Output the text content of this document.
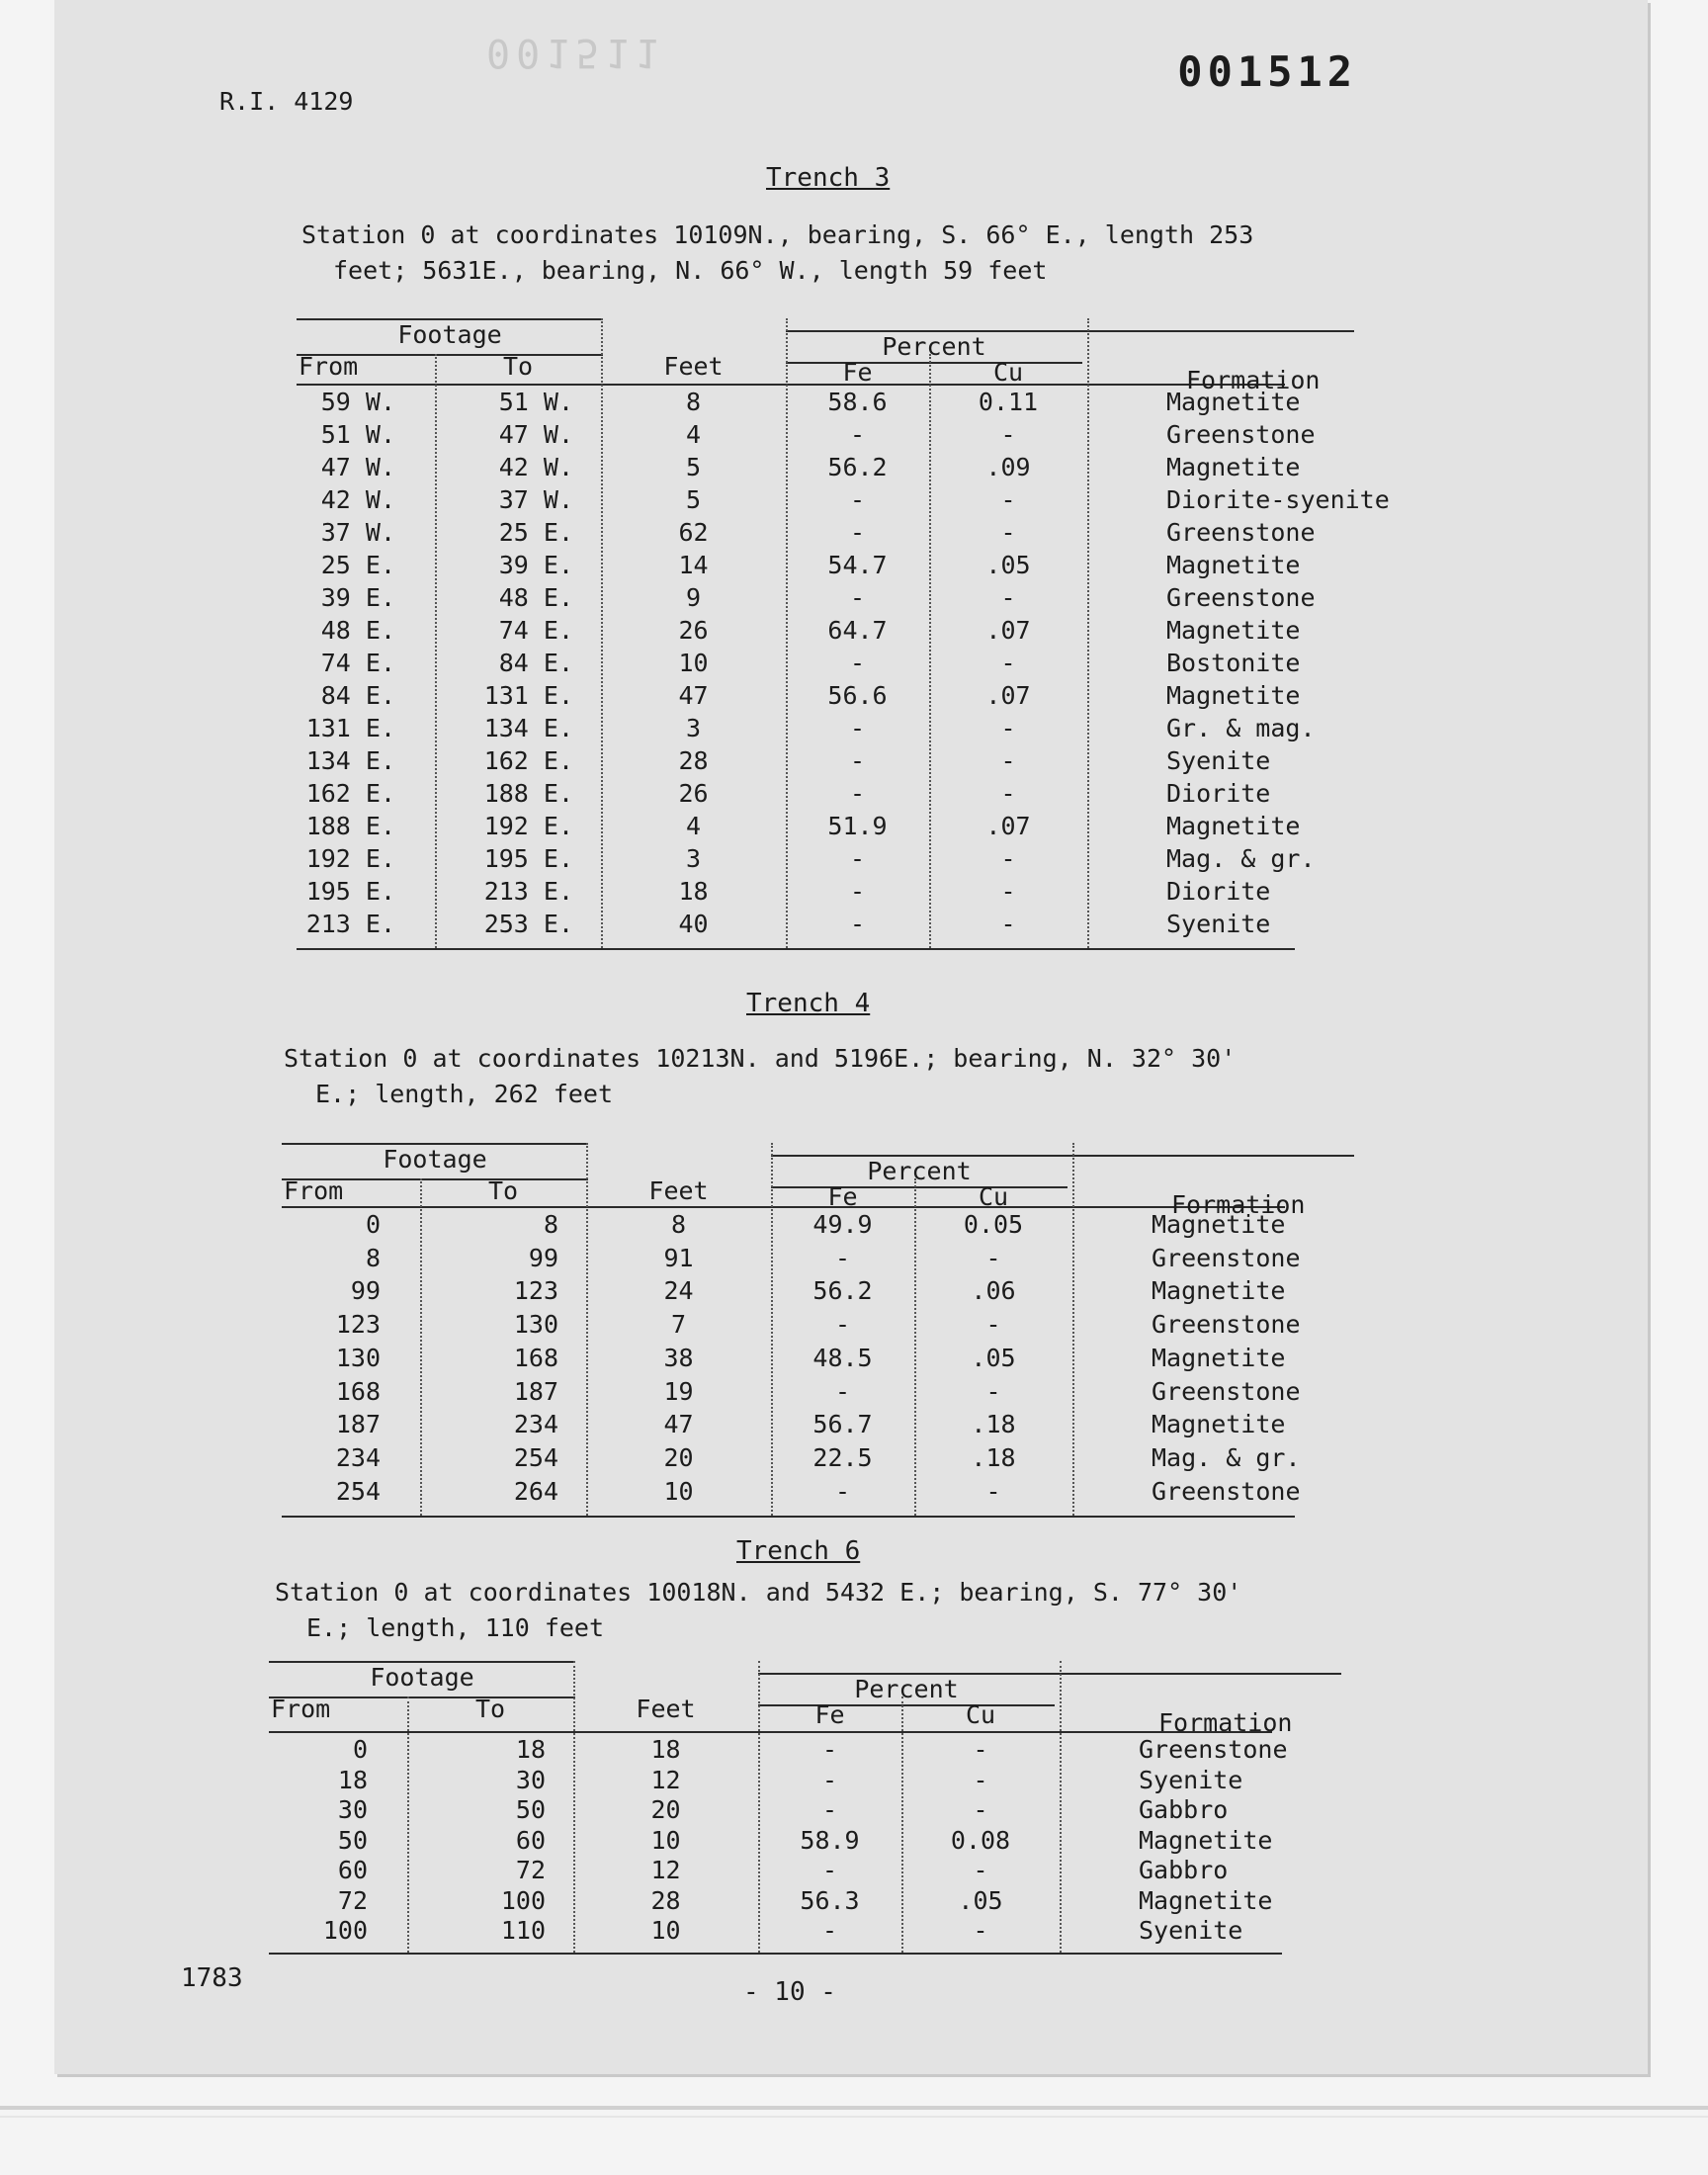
001511
R.I. 4129
001512
Trench 3
Station 0 at coordinates 10109N., bearing, S. 66° E., length 253
feet; 5631E., bearing, N. 66° W., length 59 feet
Footage
From	To	Feet
Percent
Fe	Cu	Formation
59 W.	51 W.	8	58.6	0.11	Magnetite
51 W.	47 W.	4	-	-	Greenstone
47 W.	42 W.	5	56.2	.09	Magnetite
42 W.	37 W.	5	-	-	Diorite-syenite
37 W.	25 E.	62	-	-	Greenstone
25 E.	39 E.	14	54.7	.05	Magnetite
39 E.	48 E.	9	-	-	Greenstone
48 E.	74 E.	26	64.7	.07	Magnetite
74 E.	84 E.	10	-	-	Bostonite
84 E.	131 E.	47	56.6	.07	Magnetite
131 E.	134 E.	3	-	-	Gr. & mag.
134 E.	162 E.	28	-	-	Syenite
162 E.	188 E.	26	-	-	Diorite
188 E.	192 E.	4	51.9	.07	Magnetite
192 E.	195 E.	3	-	-	Mag. & gr.
195 E.	213 E.	18	-	-	Diorite
213 E.	253 E.	40	-	-	Syenite
Trench 4
Station 0 at coordinates 10213N. and 5196E.; bearing, N. 32° 30'
E.; length, 262 feet
Footage
From	To	Feet
Percent
Fe	Cu	Formation
0	8	8	49.9	0.05	Magnetite
8	99	91	-	-	Greenstone
99	123	24	56.2	.06	Magnetite
123	130	7	-	-	Greenstone
130	168	38	48.5	.05	Magnetite
168	187	19	-	-	Greenstone
187	234	47	56.7	.18	Magnetite
234	254	20	22.5	.18	Mag. & gr.
254	264	10	-	-	Greenstone
Trench 6
Station 0 at coordinates 10018N. and 5432 E.; bearing, S. 77° 30'
E.; length, 110 feet
Footage
From	To	Feet
Percent
Fe	Cu	Formation
0	18	18	-	-	Greenstone
18	30	12	-	-	Syenite
30	50	20	-	-	Gabbro
50	60	10	58.9	0.08	Magnetite
60	72	12	-	-	Gabbro
72	100	28	56.3	.05	Magnetite
100	110	10	-	-	Syenite
1783	- 10 -
